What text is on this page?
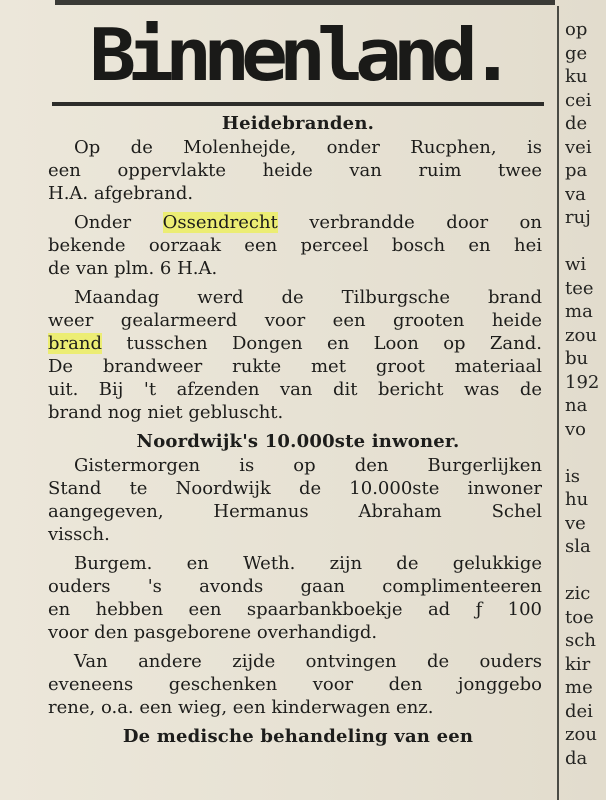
Binnenland.
Heidebranden.
Op de Molenhejde, onder Rucphen, is
een oppervlakte heide van ruim twee
H.A. afgebrand.
Onder Ossendrecht verbrandde door on
bekende oorzaak een perceel bosch en hei
de van plm. 6 H.A.
Maandag werd de Tilburgsche brand
weer gealarmeerd voor een grooten heide
brand tusschen Dongen en Loon op Zand.
De brandweer rukte met groot materiaal
uit. Bij 't afzenden van dit bericht was de
brand nog niet gebluscht.
Noordwijk's 10.000ste inwoner.
Gistermorgen is op den Burgerlijken
Stand te Noordwijk de 10.000ste inwoner
aangegeven, Hermanus Abraham Schel
vissch.
Burgem. en Weth. zijn de gelukkige
ouders 's avonds gaan complimenteeren
en hebben een spaarbankboekje ad ƒ 100
voor den pasgeborene overhandigd.
Van andere zijde ontvingen de ouders
eveneens geschenken voor den jonggebo
rene, o.a. een wieg, een kinderwagen enz.
De medische behandeling van een
op
ge
ku
cei
de
vei
pa
va
ruj

wi
tee
ma
zou
bu
192
na
vo

is
hu
ve
sla

zic
toe
sch
kir
me
dei
zou
da
